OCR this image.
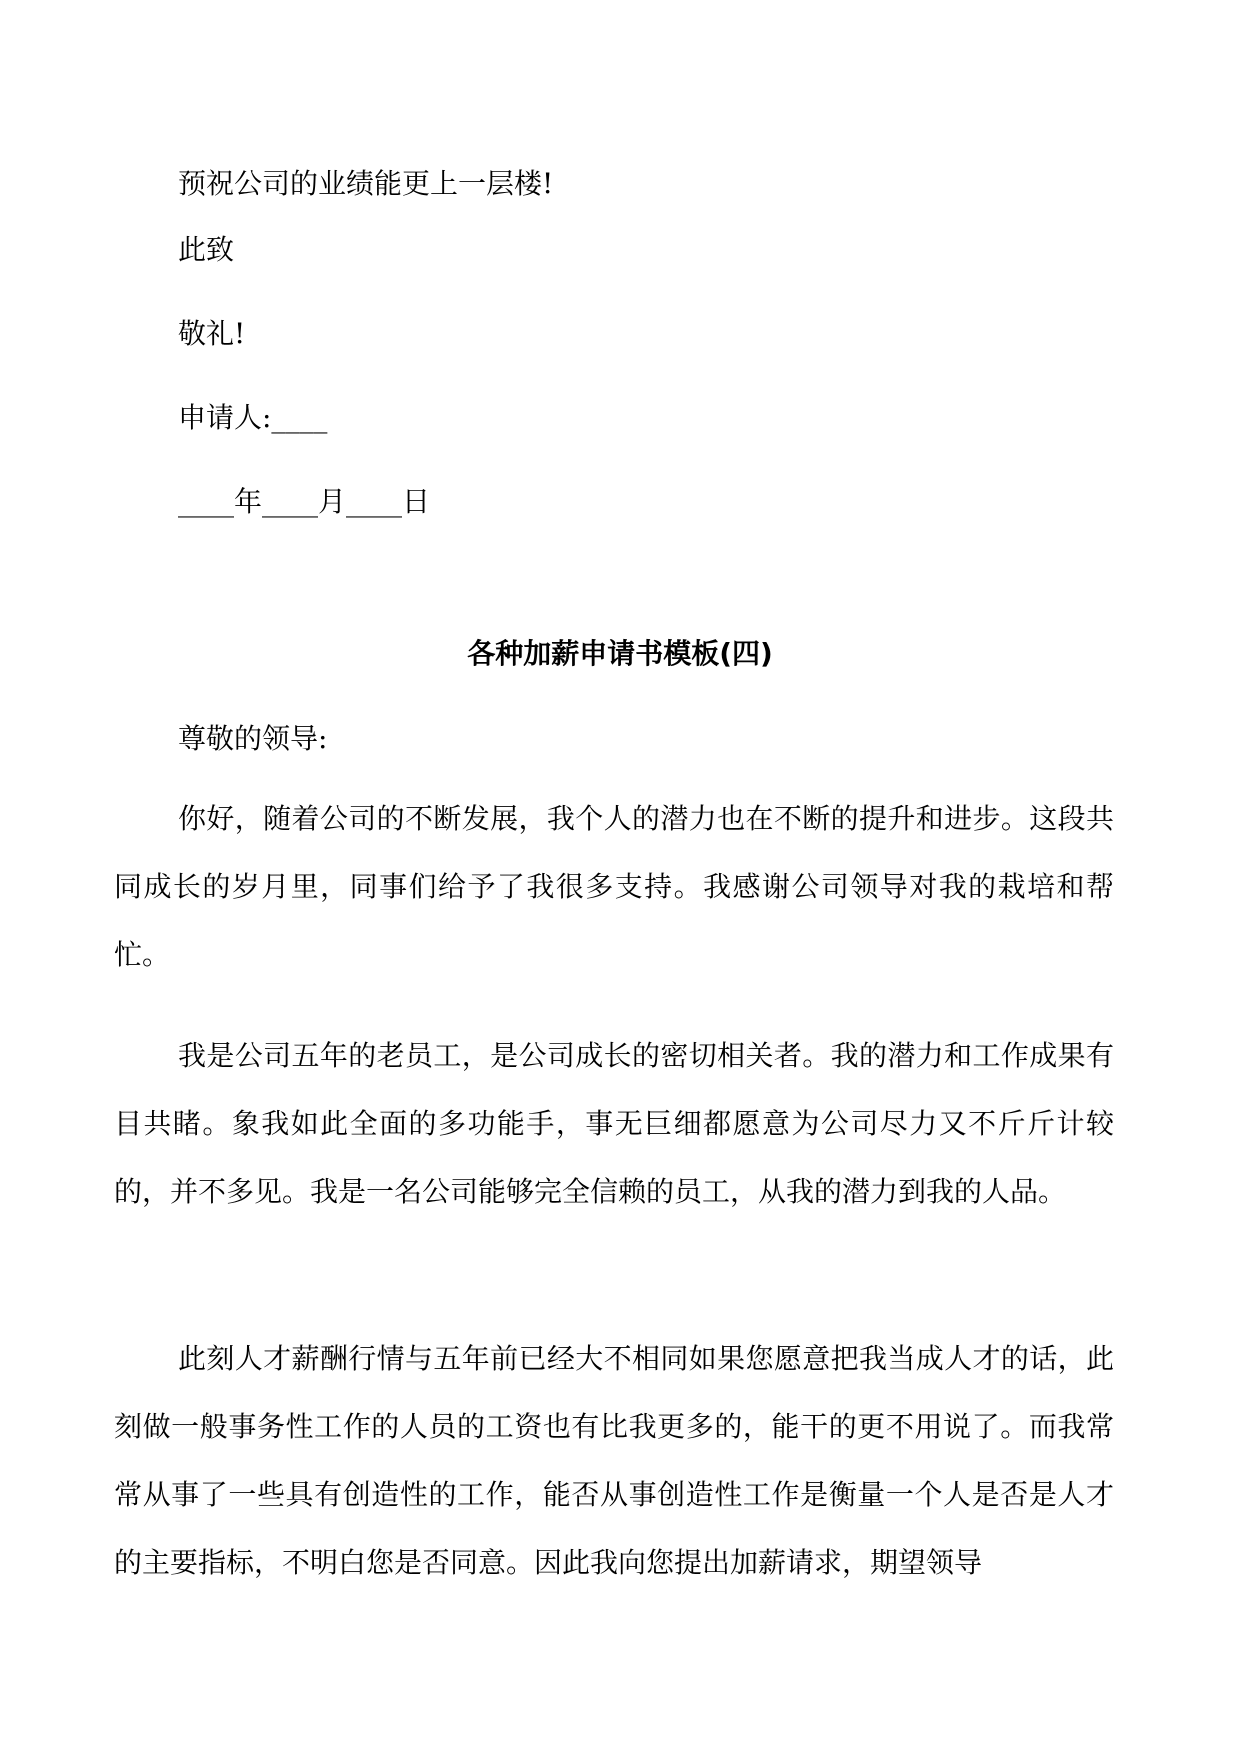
预祝公司的业绩能更上一层楼!

此致

敬礼!

申请人:____

____年____月____日

各种加薪申请书模板(四)

尊敬的领导:

你好，随着公司的不断发展，我个人的潜力也在不断的提升和进步。这段共同成长的岁月里，同事们给予了我很多支持。我感谢公司领导对我的栽培和帮忙。

我是公司五年的老员工，是公司成长的密切相关者。我的潜力和工作成果有目共睹。象我如此全面的多功能手，事无巨细都愿意为公司尽力又不斤斤计较的，并不多见。我是一名公司能够完全信赖的员工，从我的潜力到我的人品。

此刻人才薪酬行情与五年前已经大不相同如果您愿意把我当成人才的话，此刻做一般事务性工作的人员的工资也有比我更多的，能干的更不用说了。而我常常从事了一些具有创造性的工作，能否从事创造性工作是衡量一个人是否是人才的主要指标，不明白您是否同意。因此我向您提出加薪请求，期望领导
